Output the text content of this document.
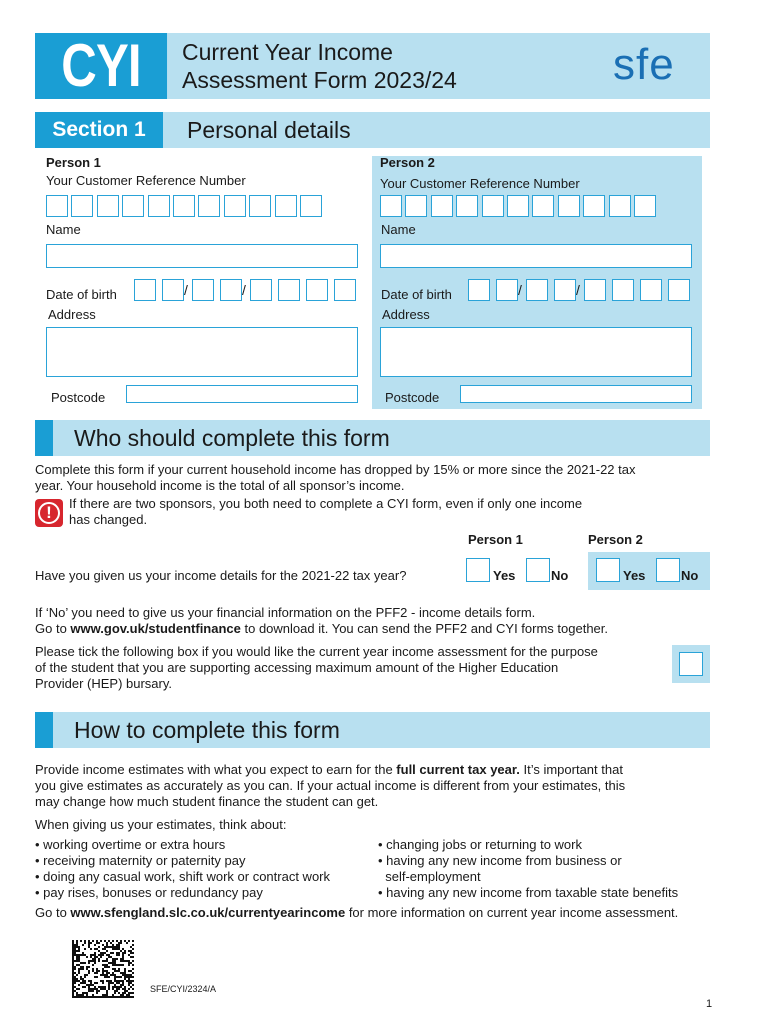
CYI	Current Year Income
Assessment Form 2023/24	sfe
Section 1	Personal details
Person 1
Your Customer Reference Number
Name
Date of birth	/	/
Address
Postcode
Person 2
Your Customer Reference Number
Name
Date of birth	/	/
Address
Postcode
Who should complete this form
Complete this form if your current household income has dropped by 15% or more since the 2021-22 tax
year. Your household income is the total of all sponsor’s income.
!	If there are two sponsors, you both need to complete a CYI form, even if only one income
has changed.
Person 1	Person 2
Have you given us your income details for the 2021-22 tax year?	Yes	No	Yes	No
If ‘No’ you need to give us your financial information on the PFF2 - income details form.
Go to www.gov.uk/studentfinance to download it. You can send the PFF2 and CYI forms together.
Please tick the following box if you would like the current year income assessment for the purpose
of the student that you are supporting accessing maximum amount of the Higher Education
Provider (HEP) bursary.
How to complete this form
Provide income estimates with what you expect to earn for the full current tax year. It’s important that
you give estimates as accurately as you can. If your actual income is different from your estimates, this
may change how much student finance the student can get.
When giving us your estimates, think about:
• working overtime or extra hours
• receiving maternity or paternity pay
• doing any casual work, shift work or contract work
• pay rises, bonuses or redundancy pay
• changing jobs or returning to work
• having any new income from business or
self-employment
• having any new income from taxable state benefits
Go to www.sfengland.slc.co.uk/currentyearincome for more information on current year income assessment.
SFE/CYI/2324/A
1
